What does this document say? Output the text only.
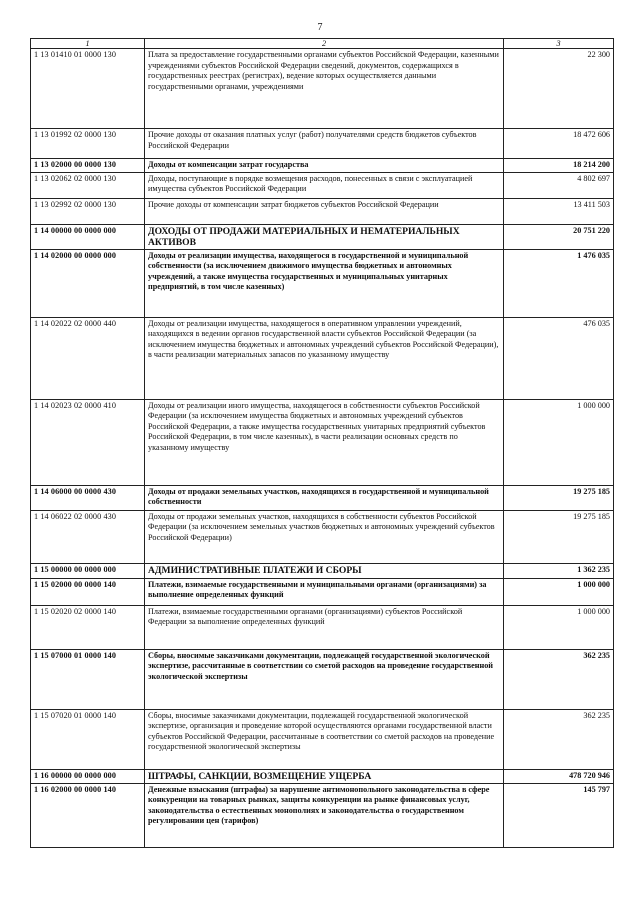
7
1	2	3
1 13 01410 01 0000 130	Плата за предоставление государственными органами субъектов Российской Федерации, казенными учреждениями субъектов Российской Федерации сведений, документов, содержащихся в государственных реестрах (регистрах), ведение которых осуществляется данными государственными органами, учреждениями	22 300
1 13 01992 02 0000 130	Прочие доходы от оказания платных услуг (работ) получателями средств бюджетов субъектов Российской Федерации	18 472 606
1 13 02000 00 0000 130	Доходы от компенсации затрат государства	18 214 200
1 13 02062 02 0000 130	Доходы, поступающие в порядке возмещения расходов, понесенных в связи с эксплуатацией имущества субъектов Российской Федерации	4 802 697
1 13 02992 02 0000 130	Прочие доходы от компенсации затрат бюджетов субъектов Российской Федерации	13 411 503
1 14 00000 00 0000 000	ДОХОДЫ ОТ ПРОДАЖИ МАТЕРИАЛЬНЫХ И НЕМАТЕРИАЛЬНЫХ АКТИВОВ	20 751 220
1 14 02000 00 0000 000	Доходы от реализации имущества, находящегося в государственной и муниципальной собственности (за исключением движимого имущества бюджетных и автономных учреждений, а также имущества государственных и муниципальных унитарных предприятий, в том числе казенных)	1 476 035
1 14 02022 02 0000 440	Доходы от реализации имущества, находящегося в оперативном управлении учреждений, находящихся в ведении органов государственной власти субъектов Российской Федерации (за исключением имущества бюджетных и автономных учреждений субъектов Российской Федерации), в части реализации материальных запасов по указанному имуществу	476 035
1 14 02023 02 0000 410	Доходы от реализации иного имущества, находящегося в собственности субъектов Российской Федерации (за исключением имущества бюджетных и автономных учреждений субъектов Российской Федерации, а также имущества государственных унитарных предприятий субъектов Российской Федерации, в том числе казенных), в части реализации основных средств по указанному имуществу	1 000 000
1 14 06000 00 0000 430	Доходы от продажи земельных участков, находящихся в государственной и муниципальной собственности	19 275 185
1 14 06022 02 0000 430	Доходы от продажи земельных участков, находящихся в собственности субъектов Российской Федерации (за исключением земельных участков бюджетных и автономных учреждений субъектов Российской Федерации)	19 275 185
1 15 00000 00 0000 000	АДМИНИСТРАТИВНЫЕ ПЛАТЕЖИ И СБОРЫ	1 362 235
1 15 02000 00 0000 140	Платежи, взимаемые государственными и муниципальными органами (организациями) за выполнение определенных функций	1 000 000
1 15 02020 02 0000 140	Платежи, взимаемые государственными органами (организациями) субъектов Российской Федерации за выполнение определенных функций	1 000 000
1 15 07000 01 0000 140	Сборы, вносимые заказчиками документации, подлежащей государственной экологической экспертизе, рассчитанные в соответствии со сметой расходов на проведение государственной экологической экспертизы	362 235
1 15 07020 01 0000 140	Сборы, вносимые заказчиками документации, подлежащей государственной экологической экспертизе, организация и проведение которой осуществляются органами государственной власти субъектов Российской Федерации, рассчитанные в соответствии со сметой расходов на проведение государственной экологической экспертизы	362 235
1 16 00000 00 0000 000	ШТРАФЫ, САНКЦИИ, ВОЗМЕЩЕНИЕ УЩЕРБА	478 720 946
1 16 02000 00 0000 140	Денежные взыскания (штрафы) за нарушение антимонопольного законодательства в сфере конкуренции на товарных рынках, защиты конкуренции на рынке финансовых услуг, законодательства о естественных монополиях и законодательства о государственном регулировании цен (тарифов)	145 797
